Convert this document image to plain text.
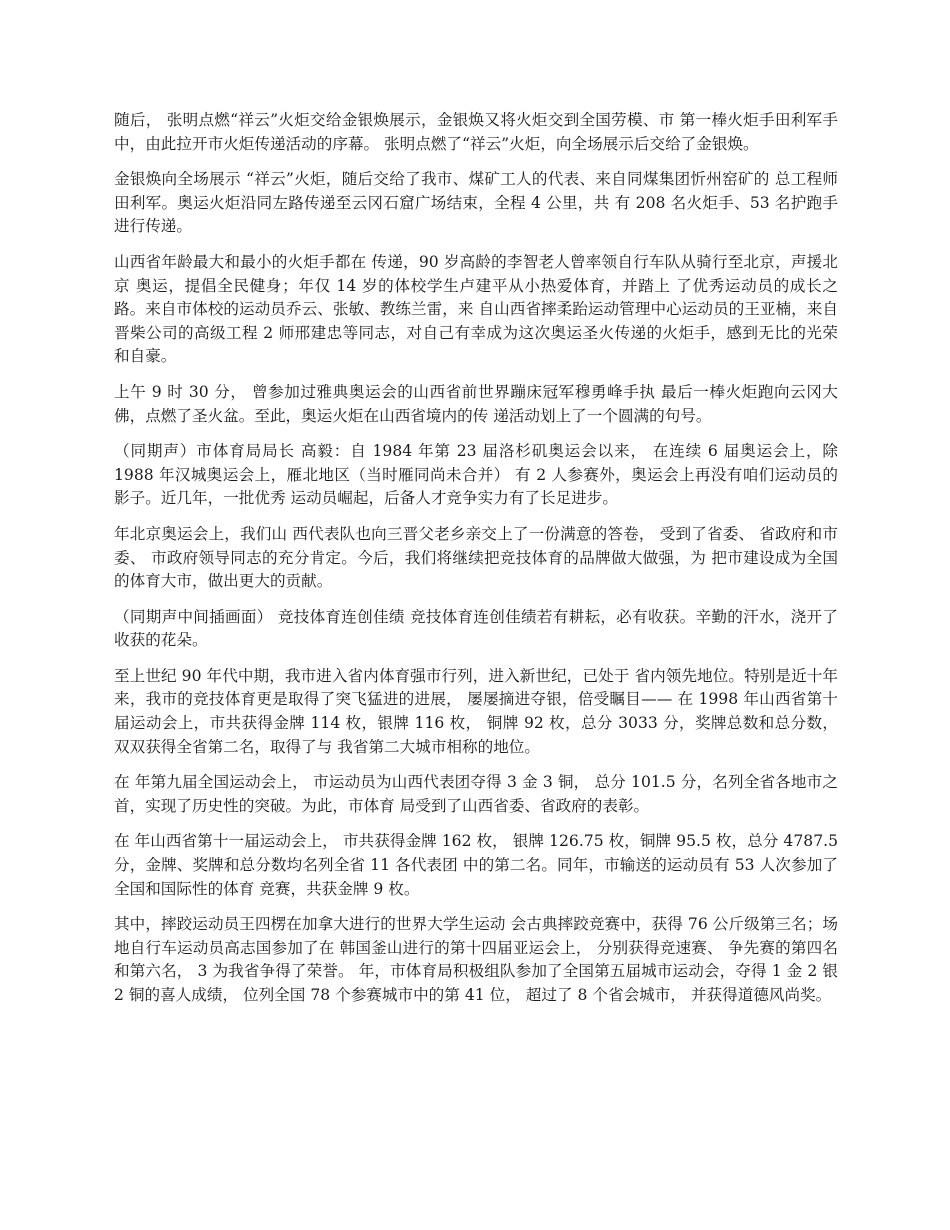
随后， 张明点燃“祥云”火炬交给金银焕展示，金银焕又将火炬交到全国劳模、市 第一棒火炬手田利军手中，由此拉开市火炬传递活动的序幕。 张明点燃了“祥云”火炬，向全场展示后交给了金银焕。

金银焕向全场展示 “祥云”火炬，随后交给了我市、煤矿工人的代表、来自同煤集团忻州窑矿的 总工程师田利军。奥运火炬沿同左路传递至云冈石窟广场结束，全程 4 公里，共 有 208 名火炬手、53 名护跑手进行传递。

山西省年龄最大和最小的火炬手都在 传递，90 岁高龄的李智老人曾率领自行车队从骑行至北京，声援北京 奥运，提倡全民健身；年仅 14 岁的体校学生卢建平从小热爱体育，并踏上 了优秀运动员的成长之路。来自市体校的运动员乔云、张敏、教练兰雷，来 自山西省摔柔跆运动管理中心运动员的王亚楠，来自晋柴公司的高级工程 2 师邢建忠等同志，对自己有幸成为这次奥运圣火传递的火炬手，感到无比的光荣 和自豪。

上午 9 时 30 分， 曾参加过雅典奥运会的山西省前世界蹦床冠军穆勇峰手执 最后一棒火炬跑向云冈大佛，点燃了圣火盆。至此，奥运火炬在山西省境内的传 递活动划上了一个圆满的句号。

（同期声）市体育局局长 高毅：自 1984 年第 23 届洛杉矶奥运会以来， 在连续 6 届奥运会上，除 1988 年汉城奥运会上，雁北地区（当时雁同尚未合并） 有 2 人参赛外，奥运会上再没有咱们运动员的影子。近几年，一批优秀 运动员崛起，后备人才竞争实力有了长足进步。

年北京奥运会上，我们山 西代表队也向三晋父老乡亲交上了一份满意的答卷， 受到了省委、 省政府和市委、 市政府领导同志的充分肯定。今后，我们将继续把竞技体育的品牌做大做强，为 把市建设成为全国的体育大市，做出更大的贡献。

（同期声中间插画面） 竞技体育连创佳绩 竞技体育连创佳绩若有耕耘，必有收获。辛勤的汗水，浇开了收获的花朵。

至上世纪 90 年代中期，我市进入省内体育强市行列，进入新世纪，已处于 省内领先地位。特别是近十年来，我市的竞技体育更是取得了突飞猛进的进展， 屡屡摘进夺银，倍受瞩目—— 在 1998 年山西省第十届运动会上，市共获得金牌 114 枚，银牌 116 枚， 铜牌 92 枚，总分 3033 分，奖牌总数和总分数，双双获得全省第二名，取得了与 我省第二大城市相称的地位。

在 年第九届全国运动会上， 市运动员为山西代表团夺得 3 金 3 铜， 总分 101.5 分，名列全省各地市之首，实现了历史性的突破。为此，市体育 局受到了山西省委、省政府的表彰。

在 年山西省第十一届运动会上， 市共获得金牌 162 枚， 银牌 126.75 枚，铜牌 95.5 枚，总分 4787.5 分，金牌、奖牌和总分数均名列全省 11 各代表团 中的第二名。同年，市输送的运动员有 53 人次参加了全国和国际性的体育 竞赛，共获金牌 9 枚。

其中，摔跤运动员王四楞在加拿大进行的世界大学生运动 会古典摔跤竞赛中，获得 76 公斤级第三名；场地自行车运动员高志国参加了在 韩国釜山进行的第十四届亚运会上， 分别获得竞速赛、 争先赛的第四名和第六名， 3 为我省争得了荣誉。 年，市体育局积极组队参加了全国第五届城市运动会，夺得 1 金 2 银 2 铜的喜人成绩， 位列全国 78 个参赛城市中的第 41 位， 超过了 8 个省会城市， 并获得道德风尚奖。
